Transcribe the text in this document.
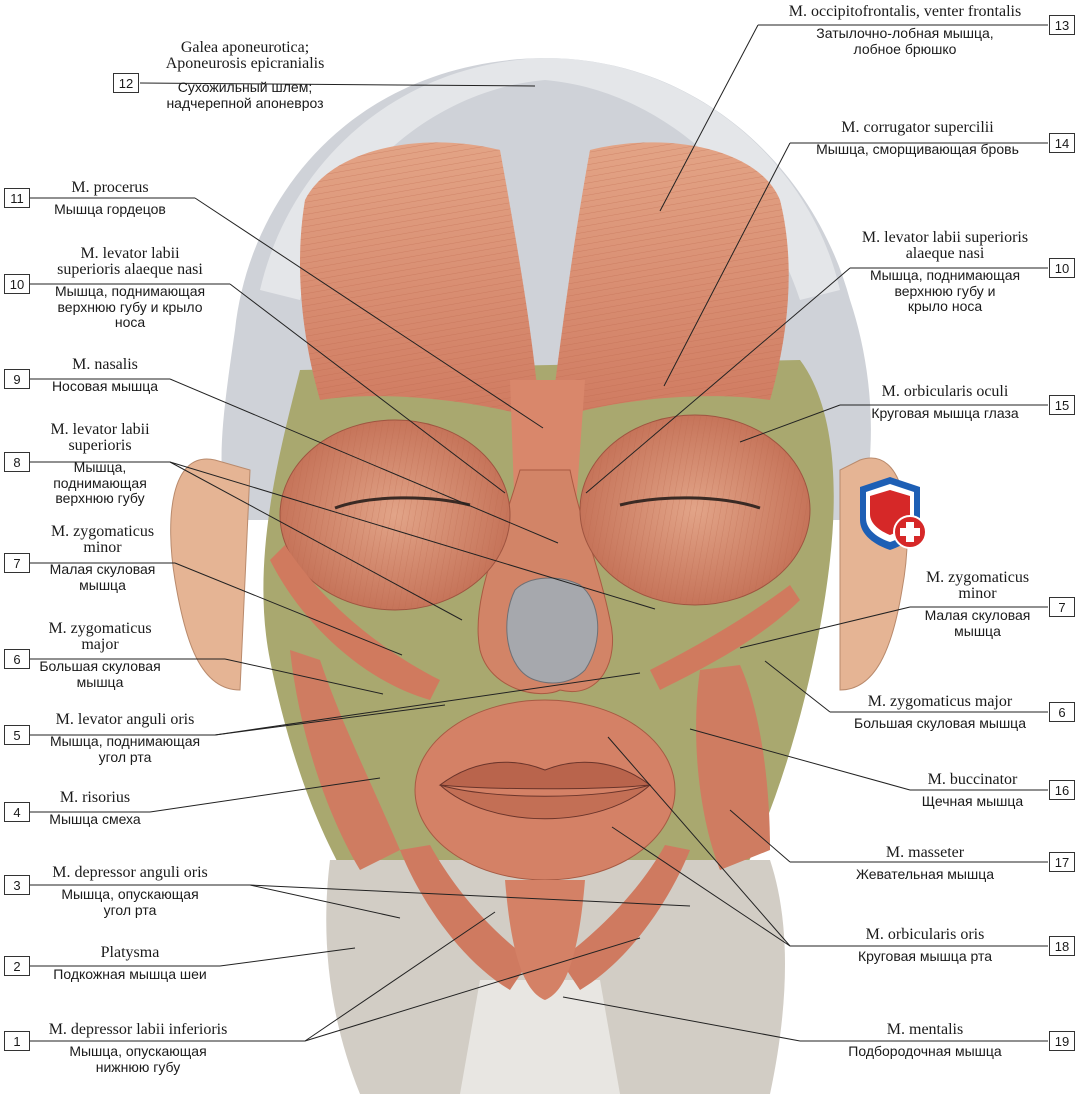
12
Galea aponeurotica;
Aponeurosis epicranialis
Сухожильный шлем;
надчерепной апоневроз
11
M. procerus
Мышца гордецов
10
M. levator labii
superioris alaeque nasi
Мышца, поднимающая
верхнюю губу и крыло
носа
9
M. nasalis
Носовая мышца
8
M. levator labii
superioris
Мышца,
поднимающая
верхнюю губу
7
M. zygomaticus
minor
Малая скуловая
мышца
6
M. zygomaticus
major
Большая скуловая
мышца
5
M. levator anguli oris
Мышца, поднимающая
угол рта
4
M. risorius
Мышца смеха
3
M. depressor anguli oris
Мышца, опускающая
угол рта
2
Platysma
Подкожная мышца шеи
1
M. depressor labii inferioris
Мышца, опускающая
нижнюю губу
13
M. occipitofrontalis, venter frontalis
Затылочно-лобная мышца,
лобное брюшко
14
M. corrugator supercilii
Мышца, сморщивающая бровь
10
M. levator labii superioris
alaeque nasi
Мышца, поднимающая
верхнюю губу и
крыло носа
15
M. orbicularis oculi
Круговая мышца глаза
7
M. zygomaticus
minor
Малая скуловая
мышца
6
M. zygomaticus major
Большая скуловая мышца
16
M. buccinator
Щечная мышца
17
M. masseter
Жевательная мышца
18
M. orbicularis oris
Круговая мышца рта
19
M. mentalis
Подбородочная мышца
